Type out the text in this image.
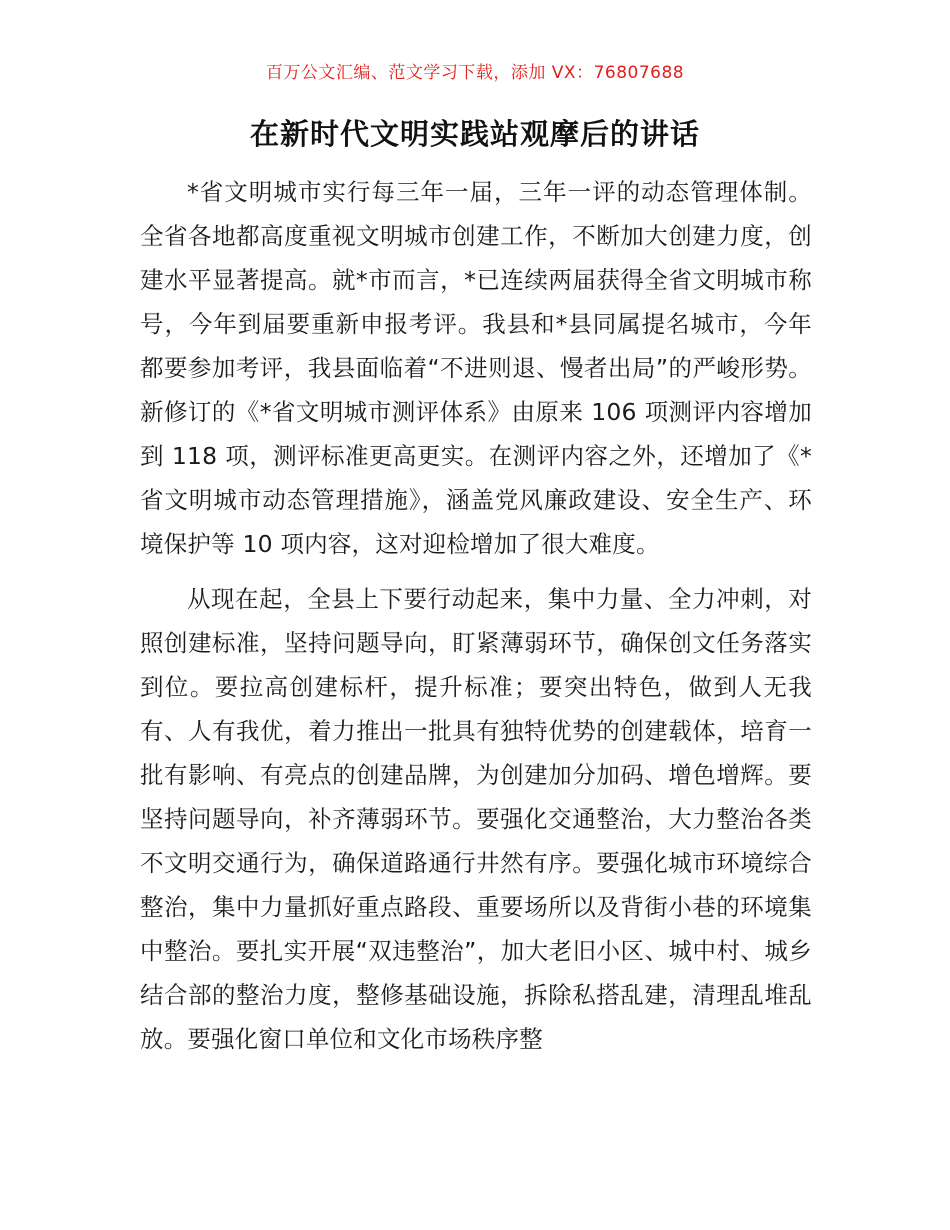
百万公文汇编、范文学习下载，添加 VX：76807688
在新时代文明实践站观摩后的讲话

*省文明城市实行每三年一届，三年一评的动态管理体制。全省各地都高度重视文明城市创建工作，不断加大创建力度，创建水平显著提高。就*市而言，*已连续两届获得全省文明城市称号，今年到届要重新申报考评。我县和*县同属提名城市，今年都要参加考评，我县面临着“不进则退、慢者出局”的严峻形势。新修订的《*省文明城市测评体系》由原来 106 项测评内容增加到 118 项，测评标准更高更实。在测评内容之外，还增加了《*省文明城市动态管理措施》，涵盖党风廉政建设、安全生产、环境保护等 10 项内容，这对迎检增加了很大难度。

从现在起，全县上下要行动起来，集中力量、全力冲刺，对照创建标准，坚持问题导向，盯紧薄弱环节，确保创文任务落实到位。要拉高创建标杆，提升标准；要突出特色，做到人无我有、人有我优，着力推出一批具有独特优势的创建载体，培育一批有影响、有亮点的创建品牌，为创建加分加码、增色增辉。要坚持问题导向，补齐薄弱环节。要强化交通整治，大力整治各类不文明交通行为，确保道路通行井然有序。要强化城市环境综合整治，集中力量抓好重点路段、重要场所以及背街小巷的环境集中整治。要扎实开展“双违整治”，加大老旧小区、城中村、城乡结合部的整治力度，整修基础设施，拆除私搭乱建，清理乱堆乱放。要强化窗口单位和文化市场秩序整
